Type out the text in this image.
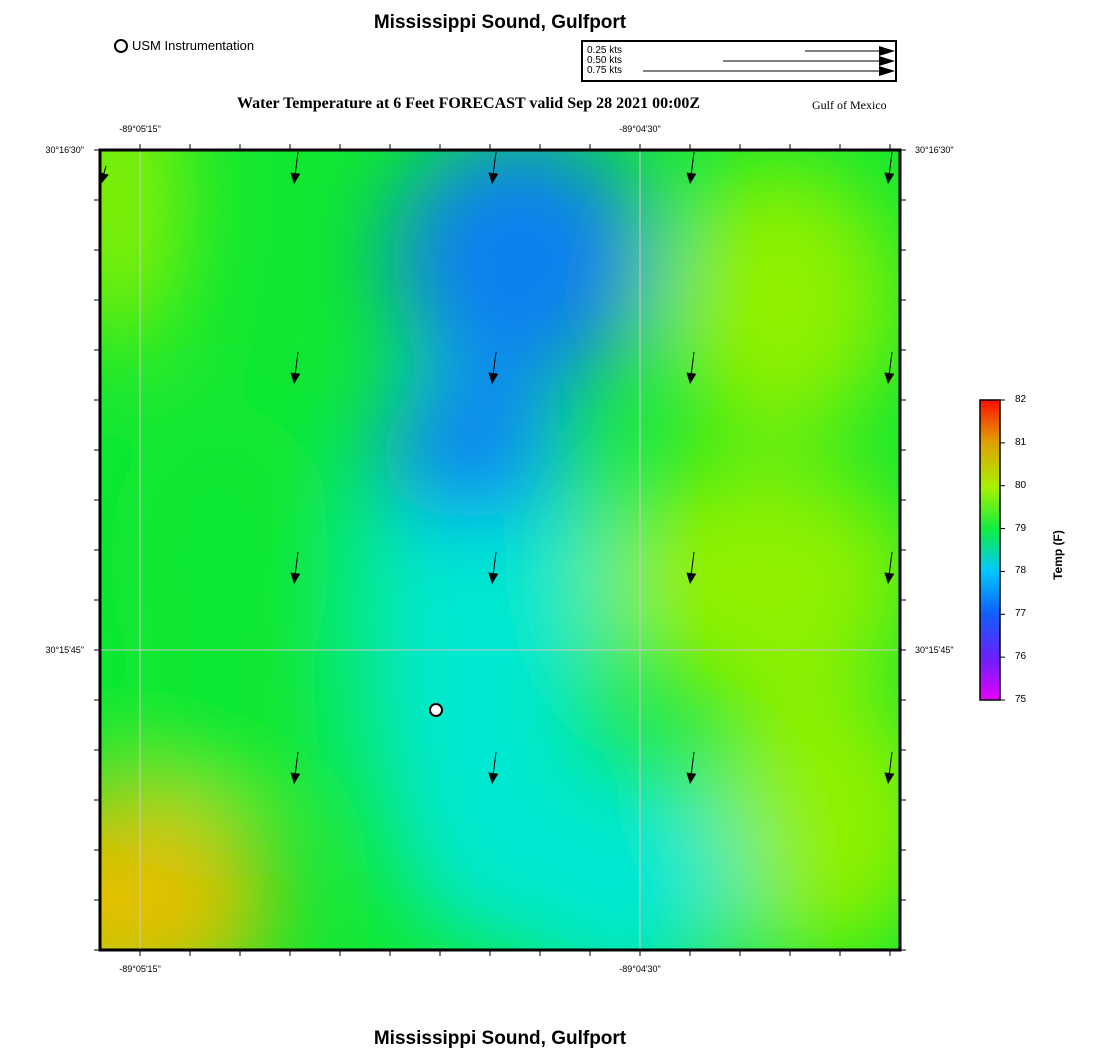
Mississippi Sound, Gulfport
USM Instrumentation	0.25 kts
0.50 kts
0.75 kts
Water Temperature at 6 Feet FORECAST valid Sep 28 2021 00:00Z	Gulf of Mexico
-89°05'15"	-89°04'30"
-89°05'15"	-89°04'30"
30°16'30"
30°15'45"
30°16'30"
30°15'45"
82
81
80
79
78
77
76
75
Temp (F)
Mississippi Sound, Gulfport
